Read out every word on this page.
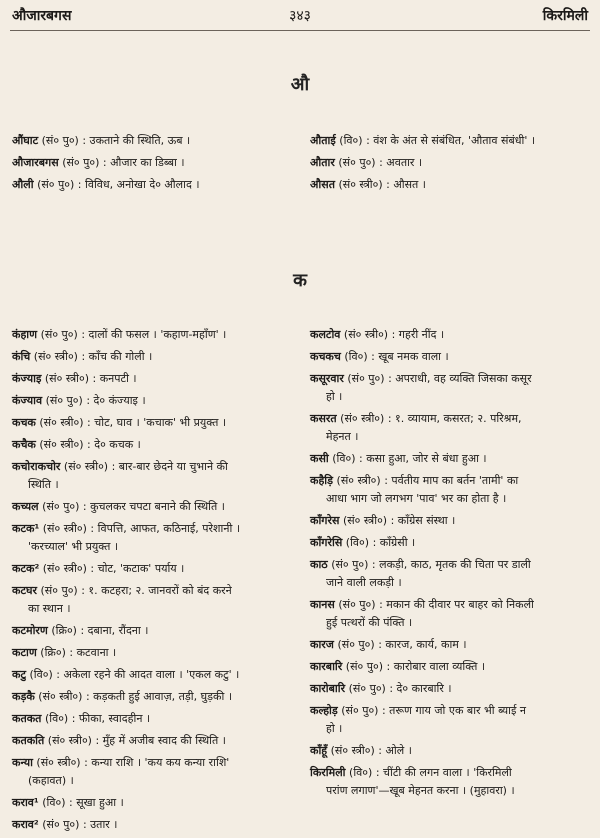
औजारबगस	३४३	किरमिली
औ
औंघाट (सं० पु०) : उकताने की स्थिति, ऊब ।
औजारबगस (सं० पु०) : औजार का डिब्बा ।
औली (सं० पु०) : विविध, अनोखा दे० औलाद ।
औताई (वि०) : वंश के अंत से संबंधित, 'औताव संबंधी' ।
औतार (सं० पु०) : अवतार ।
औसत (सं० स्त्री०) : औसत ।
क
कंहाण (सं० पु०) : दालों की फसल । 'कहाण-महाँण' ।
कंचि (सं० स्त्री०) : काँच की गोली ।
कंज्याइ (सं० स्त्री०) : कनपटी ।
कंज्याव (सं० पु०) : दे० कंज्याइ ।
कचक (सं० स्त्री०) : चोट, घाव । 'कचाक' भी प्रयुक्त ।
कचैक (सं० स्त्री०) : दे० कचक ।
कचोराकचोर (सं० स्त्री०) : बार-बार छेदने या चुभाने की
स्थिति ।
कच्यल (सं० पु०) : कुचलकर चपटा बनाने की स्थिति ।
कटक¹ (सं० स्त्री०) : विपत्ति, आफत, कठिनाई, परेशानी ।
'करच्याल' भी प्रयुक्त ।
कटक² (सं० स्त्री०) : चोट, 'कटाक' पर्याय ।
कटघर (सं० पु०) : १. कटहरा; २. जानवरों को बंद करने
का स्थान ।
कटमोरण (क्रि०) : दबाना, रौंदना ।
कटाण (क्रि०) : कटवाना ।
कटु (वि०) : अकेला रहने की आदत वाला । 'एकल कटु' ।
कड़कै (सं० स्त्री०) : कड़कती हुई आवाज़, तड़ी, घुड़की ।
कतकत (वि०) : फीका, स्वादहीन ।
कतकति (सं० स्त्री०) : मुँह में अजीब स्वाद की स्थिति ।
कन्या (सं० स्त्री०) : कन्या राशि । 'कय कय कन्या राशि'
(कहावत) ।
कराव¹ (वि०) : सूखा हुआ ।
कराव² (सं० पु०) : उतार ।
कलटोव (सं० स्त्री०) : गहरी नींद ।
कचकच (वि०) : खूब नमक वाला ।
कसूरवार (सं० पु०) : अपराधी, वह व्यक्ति जिसका कसूर
हो ।
कसरत (सं० स्त्री०) : १. व्यायाम, कसरत; २. परिश्रम,
मेहनत ।
कसी (वि०) : कसा हुआ, जोर से बंधा हुआ ।
कहैड़ि (सं० स्त्री०) : पर्वतीय माप का बर्तन 'तामी' का
आधा भाग जो लगभग 'पाव' भर का होता है ।
काँगरेस (सं० स्त्री०) : काँग्रेस संस्था ।
काँगरेसि (वि०) : काँग्रेसी ।
काठ (सं० पु०) : लकड़ी, काठ, मृतक की चिता पर डाली
जाने वाली लकड़ी ।
कानस (सं० पु०) : मकान की दीवार पर बाहर को निकली
हुई पत्थरों की पंक्ति ।
कारज (सं० पु०) : कारज, कार्य, काम ।
कारबारि (सं० पु०) : कारोबार वाला व्यक्ति ।
कारोबारि (सं० पु०) : दे० कारबारि ।
कल्होड़ (सं० पु०) : तरूण गाय जो एक बार भी ब्याई न
हो ।
काँहूँ (सं० स्त्री०) : ओले ।
किरमिली (वि०) : चींटी की लगन वाला । 'किरमिली
परांण लगाण'—खूब मेहनत करना । (मुहावरा) ।
